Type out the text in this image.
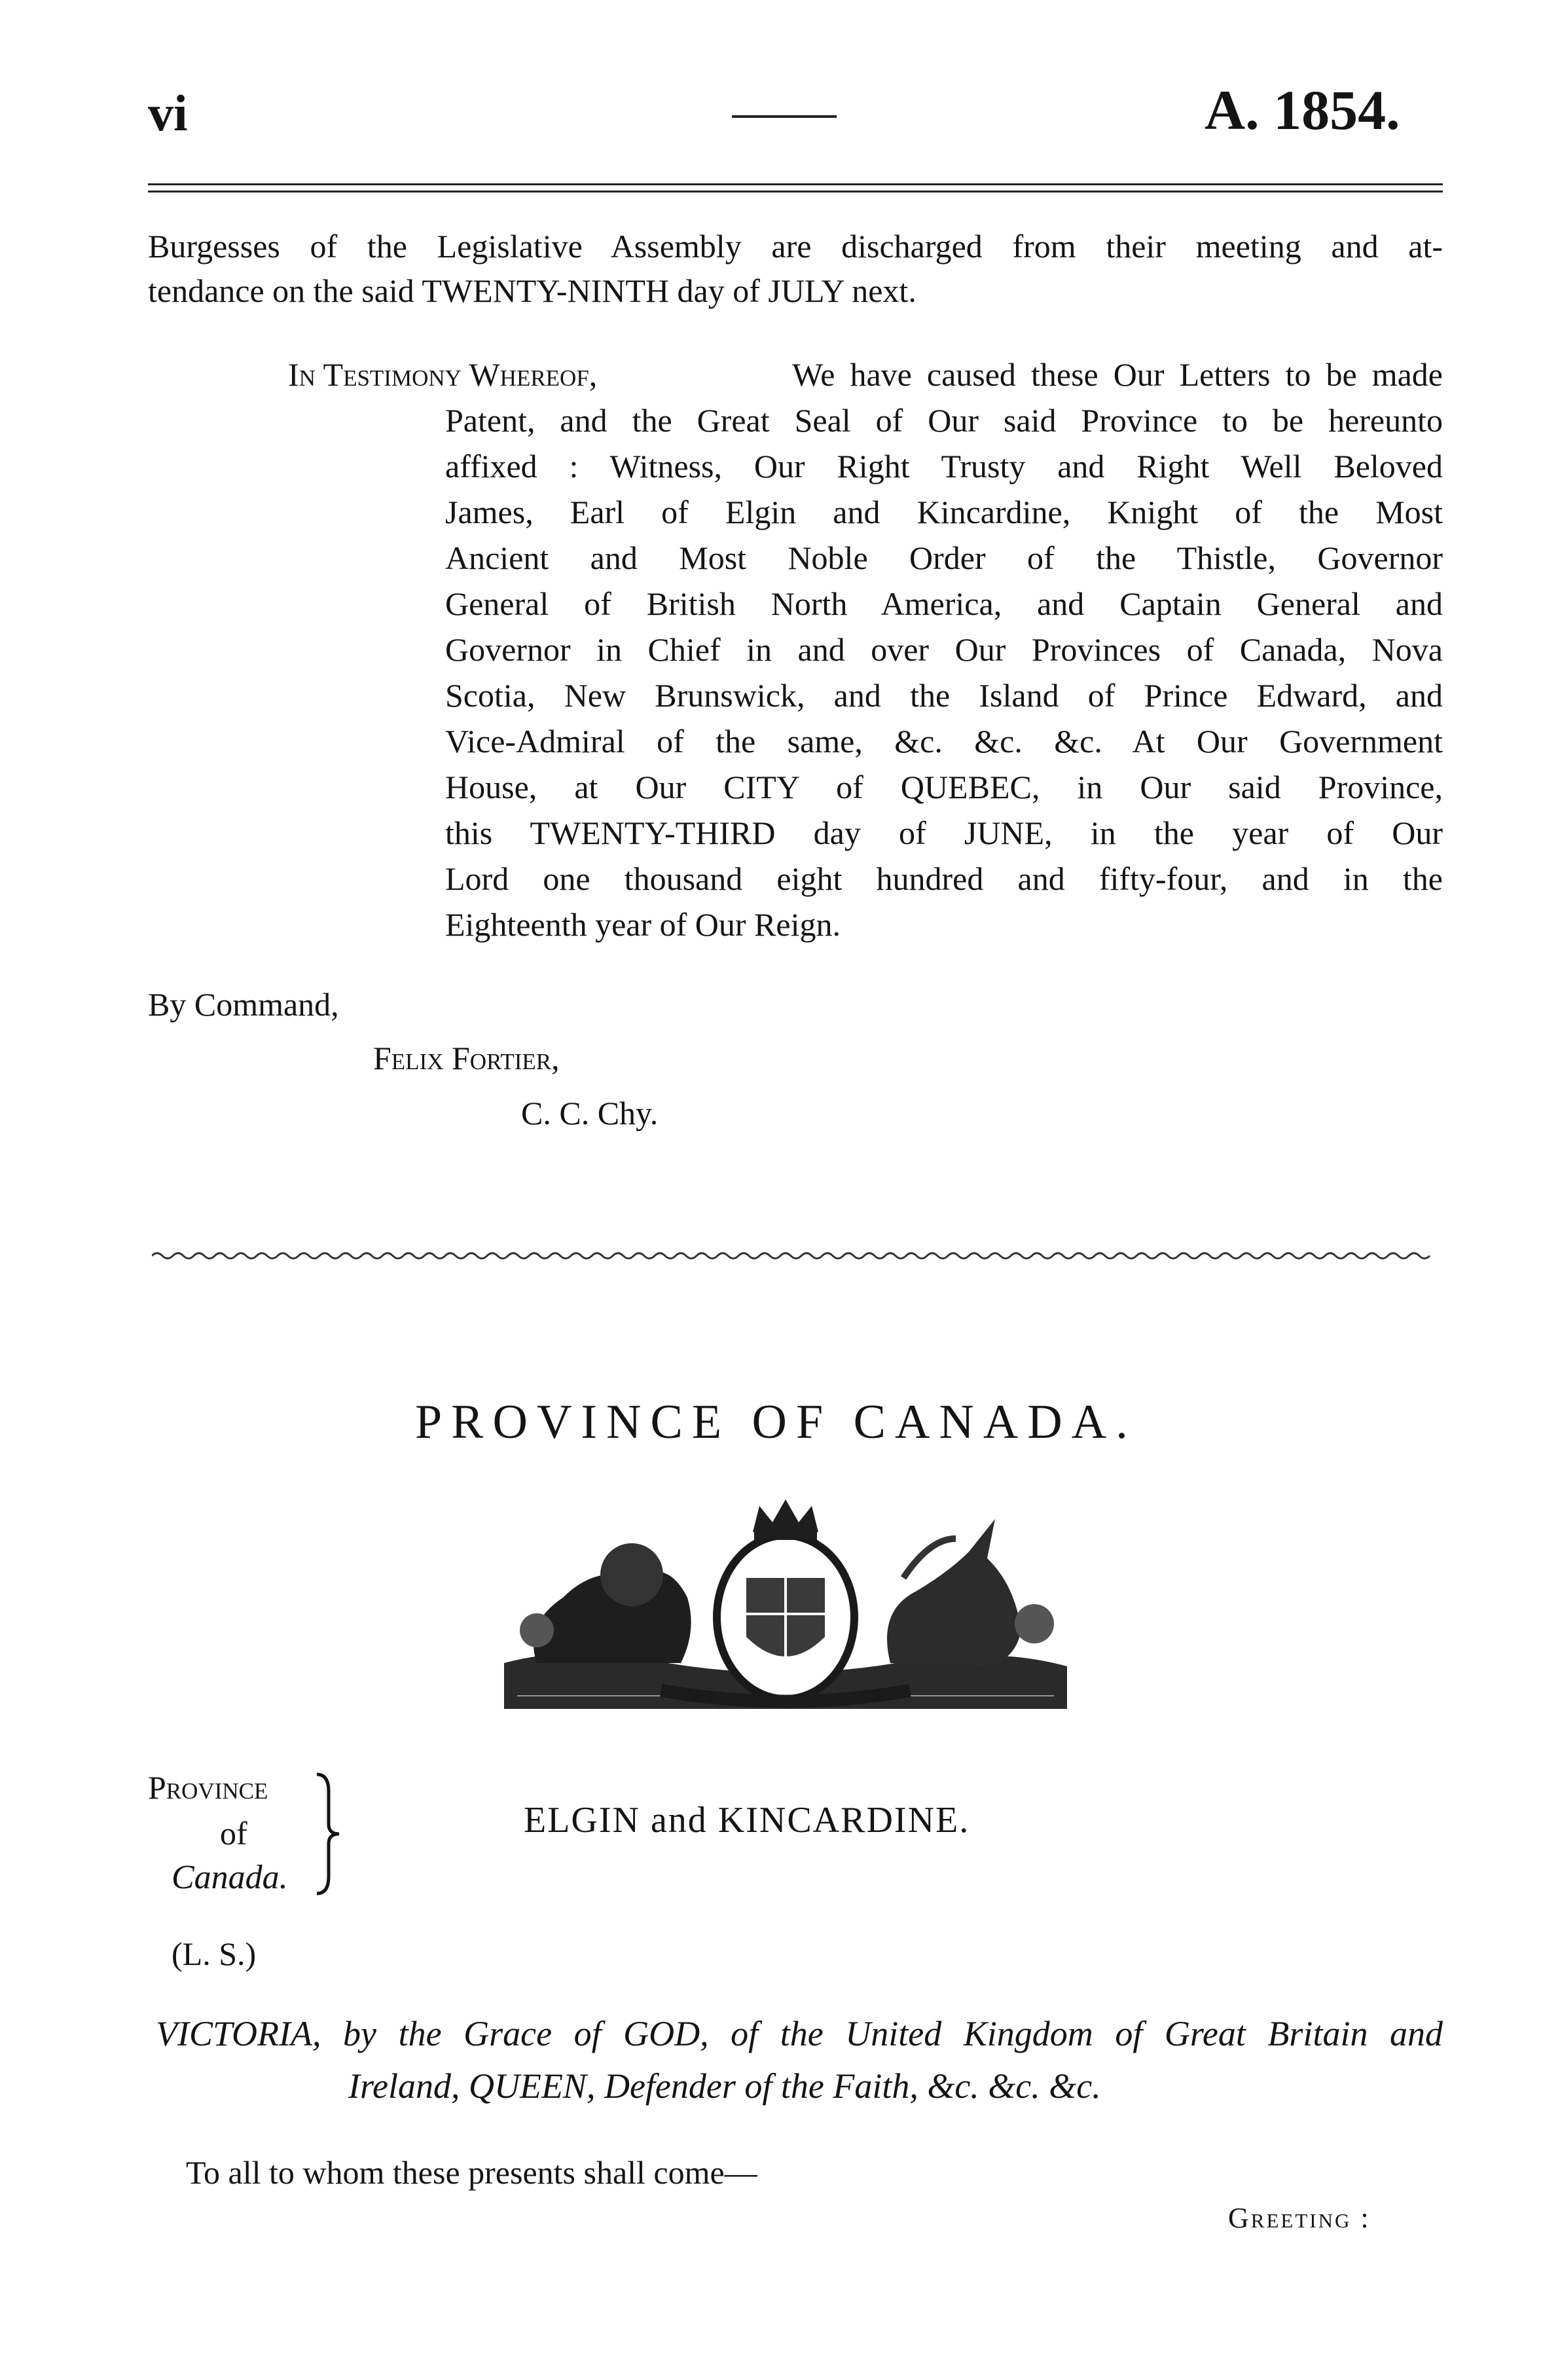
vi	A. 1854.
Burgesses of the Legislative Assembly are discharged from their meeting and at-
tendance on the said TWENTY-NINTH day of JULY next.
In Testimony Whereof,	We have caused these Our Letters to be made
Patent, and the Great Seal of Our said Province to be hereunto
affixed : Witness, Our Right Trusty and Right Well Beloved
James, Earl of Elgin and Kincardine, Knight of the Most
Ancient and Most Noble Order of the Thistle, Governor
General of British North America, and Captain General and
Governor in Chief in and over Our Provinces of Canada, Nova
Scotia, New Brunswick, and the Island of Prince Edward, and
Vice-Admiral of the same, &c. &c. &c. At Our Government
House, at Our CITY of QUEBEC, in Our said Province,
this TWENTY-THIRD day of JUNE, in the year of Our
Lord one thousand eight hundred and fifty-four, and in the
Eighteenth year of Our Reign.
By Command,
Felix Fortier,
C. C. Chy.
PROVINCE OF CANADA.
Province
of
Canada.
ELGIN and KINCARDINE.
(L. S.)
VICTORIA, by the Grace of GOD, of the United Kingdom of Great Britain and
Ireland, QUEEN, Defender of the Faith, &c. &c. &c.
To all to whom these presents shall come—
Greeting :
